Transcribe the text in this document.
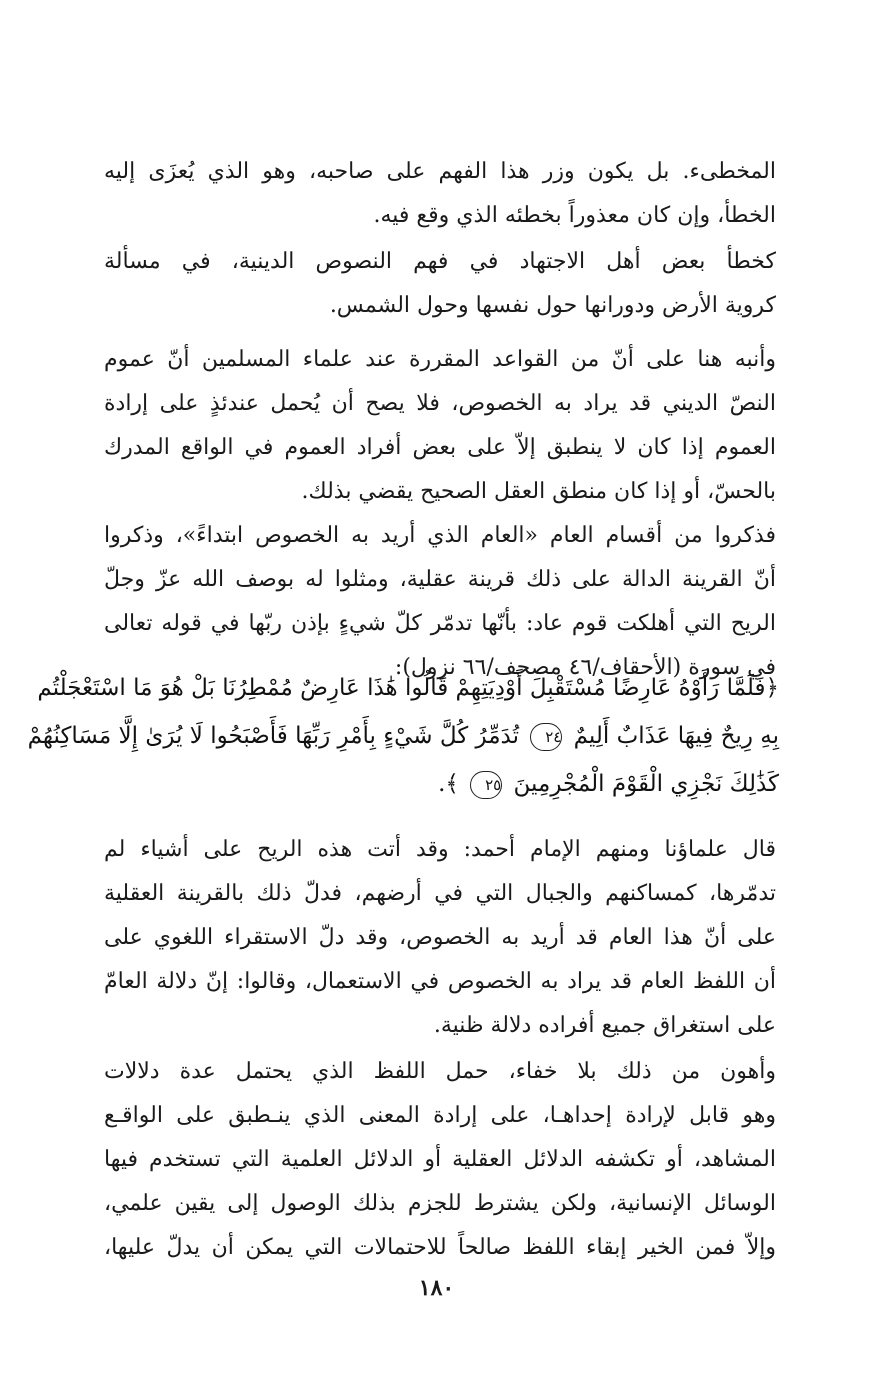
المخطىء. بل يكون وزر هذا الفهم على صاحبه، وهو الذي يُعزَى إليه
الخطأ، وإن كان معذوراً بخطئه الذي وقع فيه.
كخطأ بعض أهل الاجتهاد في فهم النصوص الدينية، في مسألة
كروية الأرض ودورانها حول نفسها وحول الشمس.
وأنبه هنا على أنّ من القواعد المقررة عند علماء المسلمين أنّ عموم
النصّ الديني قد يراد به الخصوص، فلا يصح أن يُحمل عندئذٍ على إرادة
العموم إذا كان لا ينطبق إلاّ على بعض أفراد العموم في الواقع المدرك
بالحسّ، أو إذا كان منطق العقل الصحيح يقضي بذلك.
فذكروا من أقسام العام «العام الذي أريد به الخصوص ابتداءً»، وذكروا
أنّ القرينة الدالة على ذلك قرينة عقلية، ومثلوا له بوصف الله عزّ وجلّ
الريح التي أهلكت قوم عاد: بأنّها تدمّر كلّ شيءٍ بإذن ربّها في قوله تعالى
في سورة (الأحقاف/٤٦ مصحف/٦٦ نزول):
﴿فَلَمَّا رَأَوْهُ عَارِضًا مُسْتَقْبِلَ أَوْدِيَتِهِمْ قَالُوا هَٰذَا عَارِضٌ مُمْطِرُنَا بَلْ هُوَ مَا اسْتَعْجَلْتُم
بِهِ رِيحٌ فِيهَا عَذَابٌ أَلِيمٌ ٢٤ تُدَمِّرُ كُلَّ شَيْءٍ بِأَمْرِ رَبِّهَا فَأَصْبَحُوا لَا يُرَىٰ إِلَّا مَسَاكِنُهُمْ
كَذَٰلِكَ نَجْزِي الْقَوْمَ الْمُجْرِمِينَ ٢٥ ﴾.
قال علماؤنا ومنهم الإمام أحمد: وقد أتت هذه الريح على أشياء لم
تدمّرها، كمساكنهم والجبال التي في أرضهم، فدلّ ذلك بالقرينة العقلية
على أنّ هذا العام قد أريد به الخصوص، وقد دلّ الاستقراء اللغوي على
أن اللفظ العام قد يراد به الخصوص في الاستعمال، وقالوا: إنّ دلالة العامّ
على استغراق جميع أفراده دلالة ظنية.
وأهون من ذلك بلا خفاء، حمل اللفظ الذي يحتمل عدة دلالات
وهو قابل لإرادة إحداهـا، على إرادة المعنى الذي ينـطبق على الواقـع
المشاهد، أو تكشفه الدلائل العقلية أو الدلائل العلمية التي تستخدم فيها
الوسائل الإنسانية، ولكن يشترط للجزم بذلك الوصول إلى يقين علمي،
وإلاّ فمن الخير إبقاء اللفظ صالحاً للاحتمالات التي يمكن أن يدلّ عليها،
١٨٠
